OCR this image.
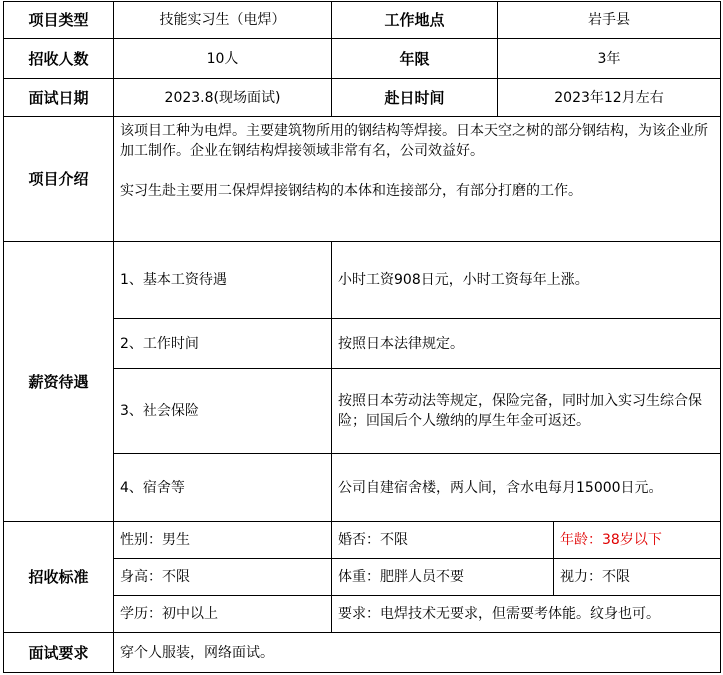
项目类型	技能实习生（电焊）	工作地点	岩手县	
招收人数	10人	年限	3年	
面试日期	2023.8(现场面试)	赴日时间	2023年12月左右	
项目介绍	该项目工种为电焊。主要建筑物所用的钢结构等焊接。日本天空之树的部分钢结构，为该企业所加工制作。企业在钢结构焊接领域非常有名，公司效益好。

实习生赴主要用二保焊焊接钢结构的本体和连接部分，有部分打磨的工作。			

薪资待遇	1、基本工资待遇	小时工资908日元，小时工资每年上涨。		
	2、工作时间	按照日本法律规定。		
	3、社会保险	按照日本劳动法等规定，保险完备，同时加入实习生综合保险；回国后个人缴纳的厚生年金可返还。		
	4、宿舍等	公司自建宿舍楼，两人间，含水电每月15000日元。		
招收标准	性别：男生	婚否：不限		年龄：38岁以下
	身高：不限	体重：肥胖人员不要		视力：不限
	学历：初中以上	要求：电焊技术无要求，但需要考体能。纹身也可。		
面试要求	穿个人服装，网络面试。			
